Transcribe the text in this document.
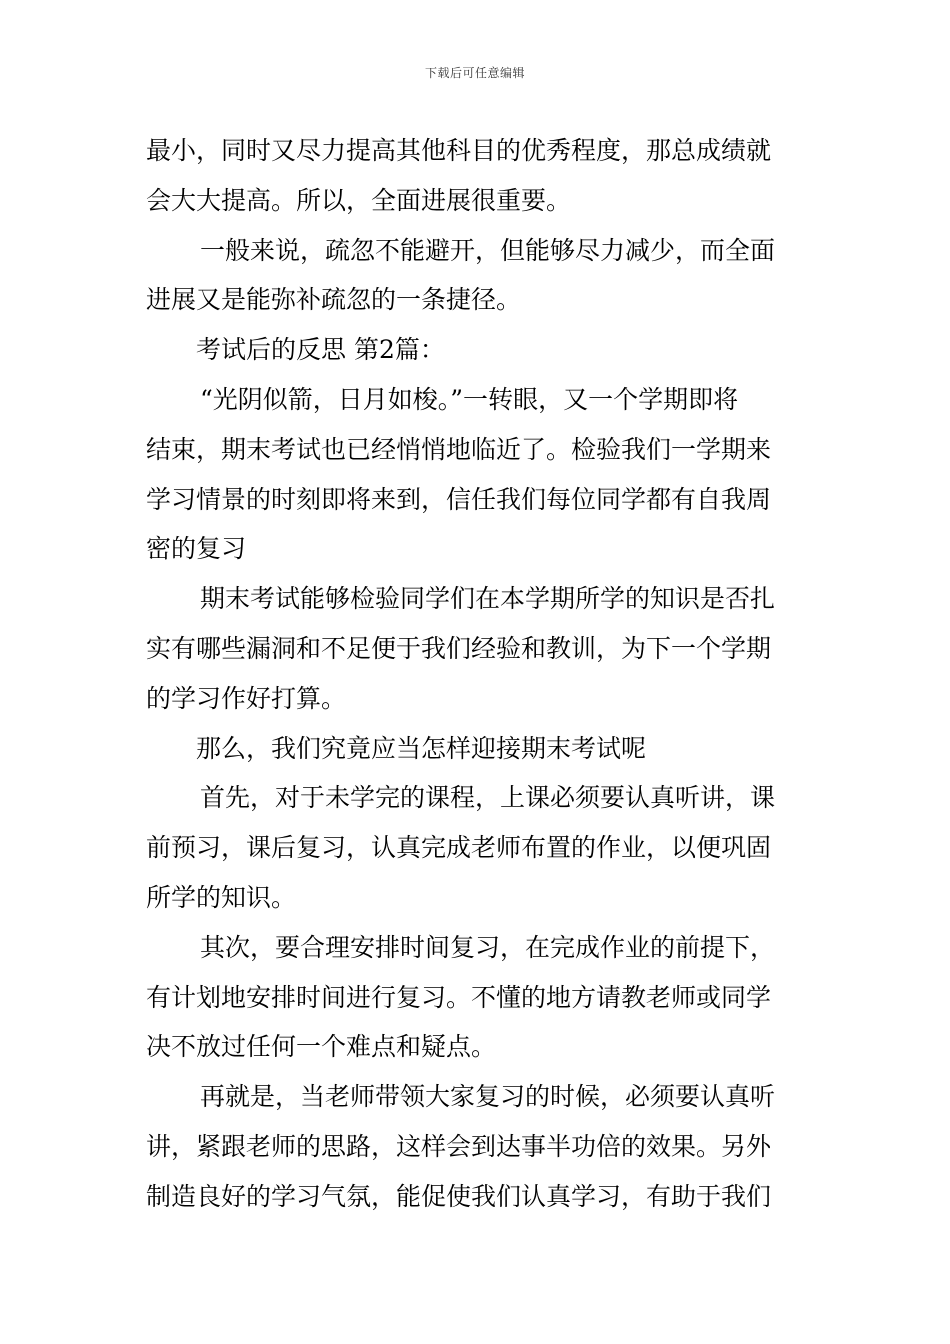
下载后可任意编辑
最小，同时又尽力提高其他科目的优秀程度，那总成绩就
会大大提高。所以，全面进展很重要。
一般来说，疏忽不能避开，但能够尽力减少，而全面
进展又是能弥补疏忽的一条捷径。
考试后的反思 第2篇：
“光阴似箭，日月如梭。”一转眼，又一个学期即将
结束，期末考试也已经悄悄地临近了。检验我们一学期来
学习情景的时刻即将来到，信任我们每位同学都有自我周
密的复习
期末考试能够检验同学们在本学期所学的知识是否扎
实有哪些漏洞和不足便于我们经验和教训，为下一个学期
的学习作好打算。
那么，我们究竟应当怎样迎接期末考试呢
首先，对于未学完的课程，上课必须要认真听讲，课
前预习，课后复习，认真完成老师布置的作业，以便巩固
所学的知识。
其次，要合理安排时间复习，在完成作业的前提下，
有计划地安排时间进行复习。不懂的地方请教老师或同学
决不放过任何一个难点和疑点。
再就是，当老师带领大家复习的时候，必须要认真听
讲，紧跟老师的思路，这样会到达事半功倍的效果。另外
制造良好的学习气氛，能促使我们认真学习，有助于我们
